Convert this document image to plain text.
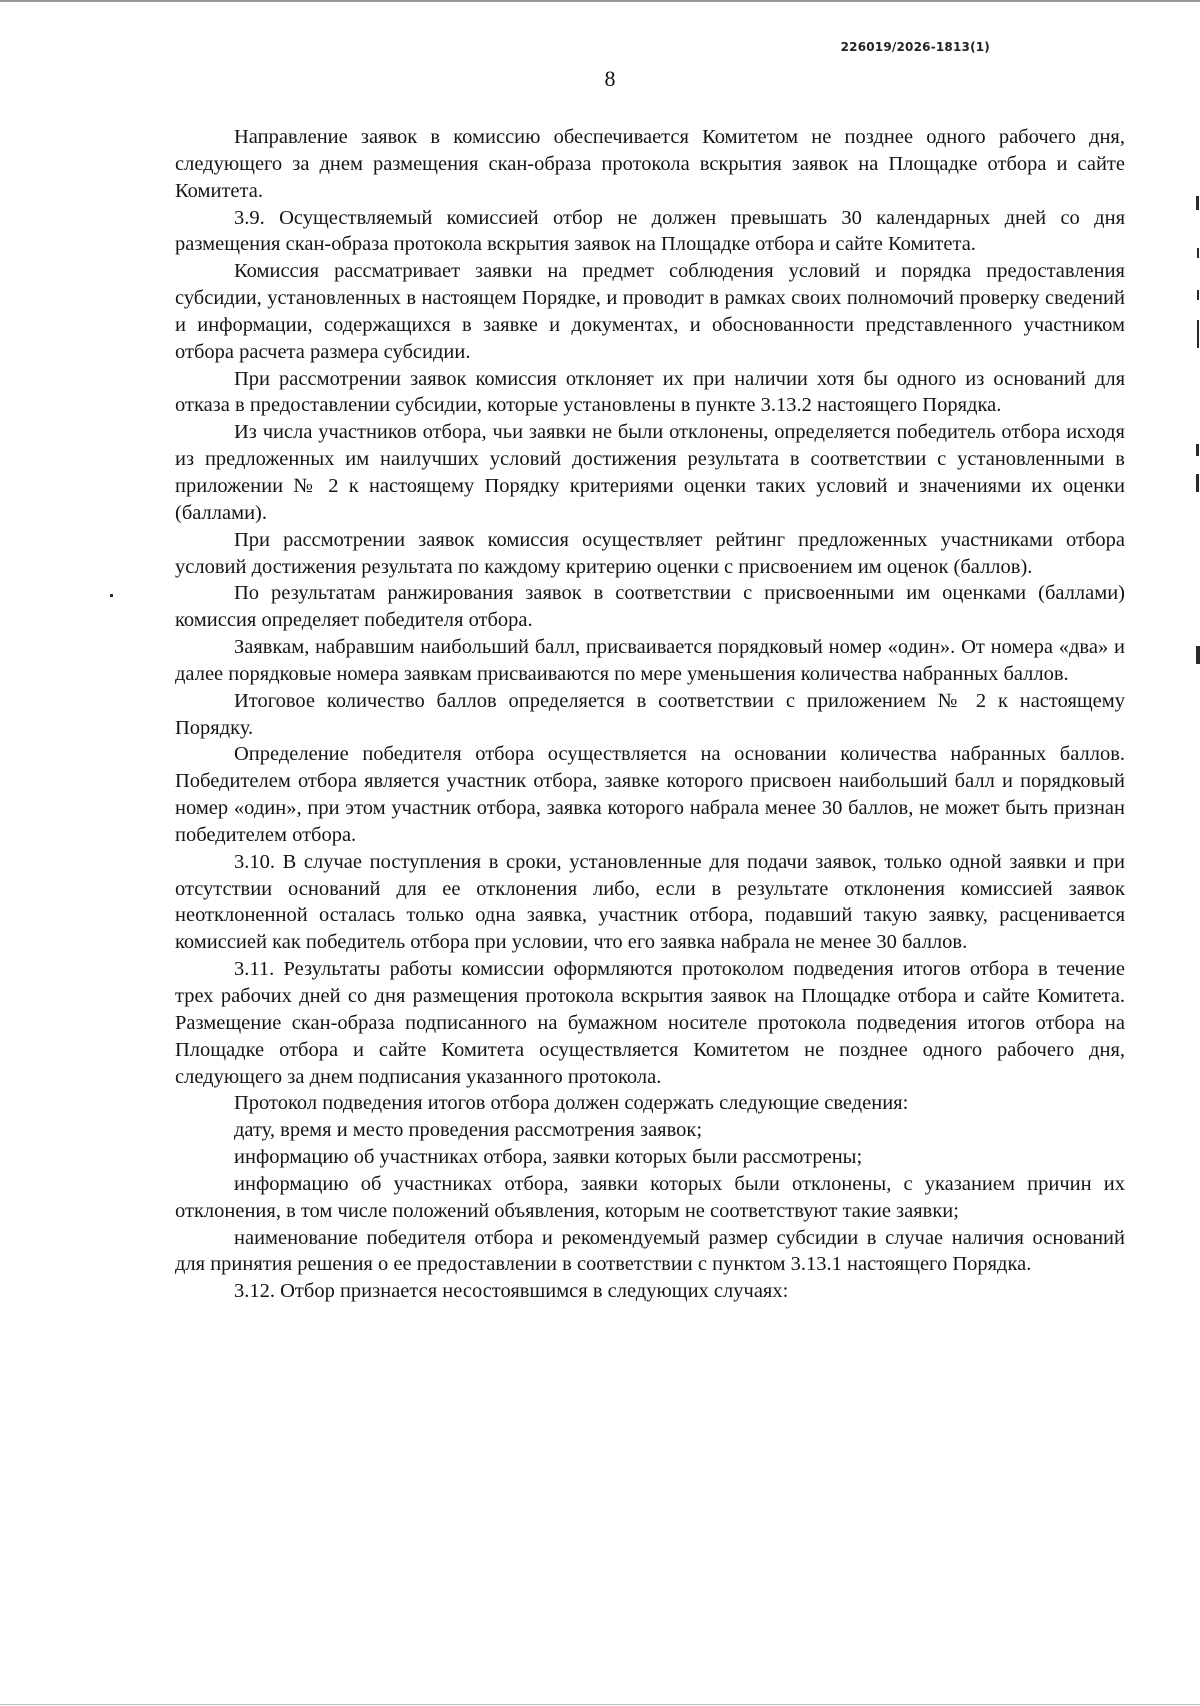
226019/2026-1813(1)
8

Направление заявок в комиссию обеспечивается Комитетом не позднее одного рабочего дня, следующего за днем размещения скан-образа протокола вскрытия заявок на Площадке отбора и сайте Комитета.

3.9. Осуществляемый комиссией отбор не должен превышать 30 календарных дней со дня размещения скан-образа протокола вскрытия заявок на Площадке отбора и сайте Комитета.

Комиссия рассматривает заявки на предмет соблюдения условий и порядка предоставления субсидии, установленных в настоящем Порядке, и проводит в рамках своих полномочий проверку сведений и информации, содержащихся в заявке и документах, и обоснованности представленного участником отбора расчета размера субсидии.

При рассмотрении заявок комиссия отклоняет их при наличии хотя бы одного из оснований для отказа в предоставлении субсидии, которые установлены в пункте 3.13.2 настоящего Порядка.

Из числа участников отбора, чьи заявки не были отклонены, определяется победитель отбора исходя из предложенных им наилучших условий достижения результата в соответствии с установленными в приложении № 2 к настоящему Порядку критериями оценки таких условий и значениями их оценки (баллами).

При рассмотрении заявок комиссия осуществляет рейтинг предложенных участниками отбора условий достижения результата по каждому критерию оценки с присвоением им оценок (баллов).

По результатам ранжирования заявок в соответствии с присвоенными им оценками (баллами) комиссия определяет победителя отбора.

Заявкам, набравшим наибольший балл, присваивается порядковый номер «один». От номера «два» и далее порядковые номера заявкам присваиваются по мере уменьшения количества набранных баллов.

Итоговое количество баллов определяется в соответствии с приложением № 2 к настоящему Порядку.

Определение победителя отбора осуществляется на основании количества набранных баллов. Победителем отбора является участник отбора, заявке которого присвоен наибольший балл и порядковый номер «один», при этом участник отбора, заявка которого набрала менее 30 баллов, не может быть признан победителем отбора.

3.10. В случае поступления в сроки, установленные для подачи заявок, только одной заявки и при отсутствии оснований для ее отклонения либо, если в результате отклонения комиссией заявок неотклоненной осталась только одна заявка, участник отбора, подавший такую заявку, расценивается комиссией как победитель отбора при условии, что его заявка набрала не менее 30 баллов.

3.11. Результаты работы комиссии оформляются протоколом подведения итогов отбора в течение трех рабочих дней со дня размещения протокола вскрытия заявок на Площадке отбора и сайте Комитета. Размещение скан-образа подписанного на бумажном носителе протокола подведения итогов отбора на Площадке отбора и сайте Комитета осуществляется Комитетом не позднее одного рабочего дня, следующего за днем подписания указанного протокола.

Протокол подведения итогов отбора должен содержать следующие сведения:

дату, время и место проведения рассмотрения заявок;

информацию об участниках отбора, заявки которых были рассмотрены;

информацию об участниках отбора, заявки которых были отклонены, с указанием причин их отклонения, в том числе положений объявления, которым не соответствуют такие заявки;

наименование победителя отбора и рекомендуемый размер субсидии в случае наличия оснований для принятия решения о ее предоставлении в соответствии с пунктом 3.13.1 настоящего Порядка.

3.12. Отбор признается несостоявшимся в следующих случаях:
